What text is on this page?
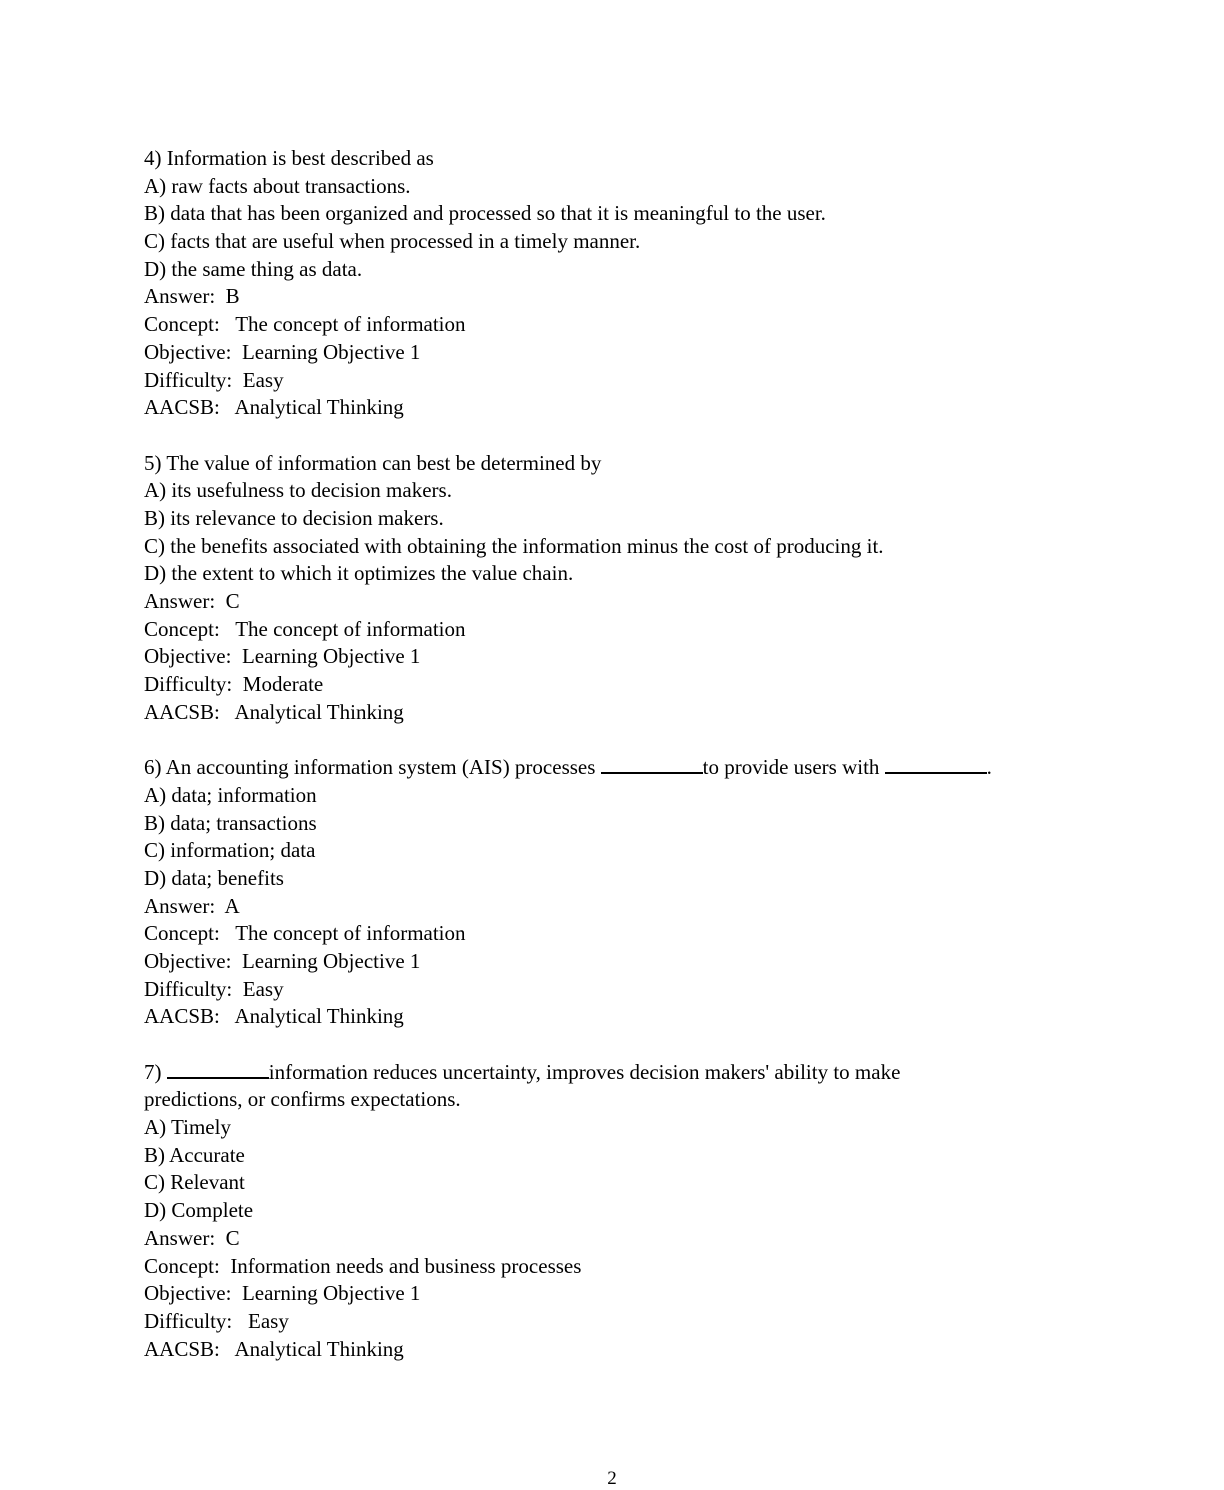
4) Information is best described as
A) raw facts about transactions.
B) data that has been organized and processed so that it is meaningful to the user.
C) facts that are useful when processed in a timely manner.
D) the same thing as data.
Answer:  B
Concept:   The concept of information
Objective:  Learning Objective 1
Difficulty:  Easy
AACSB:   Analytical Thinking
5) The value of information can best be determined by
A) its usefulness to decision makers.
B) its relevance to decision makers.
C) the benefits associated with obtaining the information minus the cost of producing it.
D) the extent to which it optimizes the value chain.
Answer:  C
Concept:   The concept of information
Objective:  Learning Objective 1
Difficulty:  Moderate
AACSB:   Analytical Thinking
6) An accounting information system (AIS) processes	to provide users with	.
A) data; information
B) data; transactions
C) information; data
D) data; benefits
Answer:  A
Concept:   The concept of information
Objective:  Learning Objective 1
Difficulty:  Easy
AACSB:   Analytical Thinking
7)	information reduces uncertainty, improves decision makers' ability to make
predictions, or confirms expectations.
A) Timely
B) Accurate
C) Relevant
D) Complete
Answer:  C
Concept:  Information needs and business processes
Objective:  Learning Objective 1
Difficulty:   Easy
AACSB:   Analytical Thinking
2
